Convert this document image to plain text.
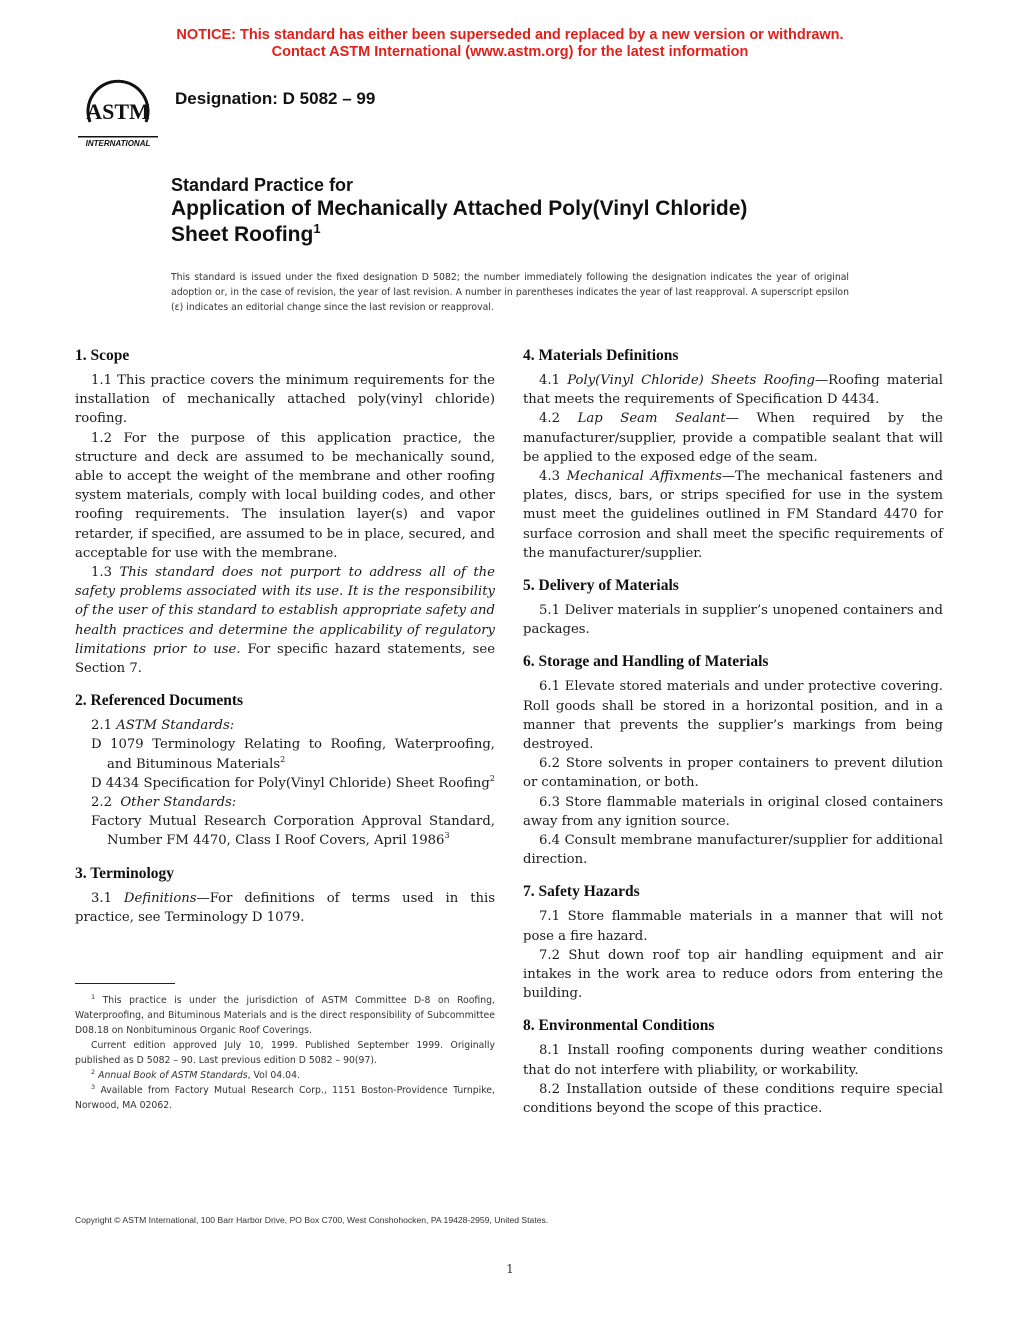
NOTICE: This standard has either been superseded and replaced by a new version or withdrawn.
Contact ASTM International (www.astm.org) for the latest information
ASTM
INTERNATIONAL
Designation: D 5082 – 99
Standard Practice for
Application of Mechanically Attached Poly(Vinyl Chloride)
Sheet Roofing$^1$
This standard is issued under the fixed designation D 5082; the number immediately following the designation indicates the year of original adoption or, in the case of revision, the year of last revision. A number in parentheses indicates the year of last reapproval. A superscript epsilon (ε) indicates an editorial change since the last revision or reapproval.
1. Scope

1.1 This practice covers the minimum requirements for the installation of mechanically attached poly(vinyl chloride) roofing.

1.2 For the purpose of this application practice, the structure and deck are assumed to be mechanically sound, able to accept the weight of the membrane and other roofing system materials, comply with local building codes, and other roofing requirements. The insulation layer(s) and vapor retarder, if specified, are assumed to be in place, secured, and acceptable for use with the membrane.

1.3 This standard does not purport to address all of the safety problems associated with its use. It is the responsibility of the user of this standard to establish appropriate safety and health practices and determine the applicability of regulatory limitations prior to use. For specific hazard statements, see Section 7.

2. Referenced Documents

2.1 ASTM Standards:

D 1079 Terminology Relating to Roofing, Waterproofing, and Bituminous Materials$^2$

D 4434 Specification for Poly(Vinyl Chloride) Sheet Roofing$^2$

2.2 Other Standards:

Factory Mutual Research Corporation Approval Standard, Number FM 4470, Class I Roof Covers, April 1986$^3$

3. Terminology

3.1 Definitions—For definitions of terms used in this practice, see Terminology D 1079.

4. Materials Definitions

4.1 Poly(Vinyl Chloride) Sheets Roofing—Roofing material that meets the requirements of Specification D 4434.

4.2 Lap Seam Sealant— When required by the manufacturer/supplier, provide a compatible sealant that will be applied to the exposed edge of the seam.

4.3 Mechanical Affixments—The mechanical fasteners and plates, discs, bars, or strips specified for use in the system must meet the guidelines outlined in FM Standard 4470 for surface corrosion and shall meet the specific requirements of the manufacturer/supplier.

5. Delivery of Materials

5.1 Deliver materials in supplier’s unopened containers and packages.

6. Storage and Handling of Materials

6.1 Elevate stored materials and under protective covering. Roll goods shall be stored in a horizontal position, and in a manner that prevents the supplier’s markings from being destroyed.

6.2 Store solvents in proper containers to prevent dilution or contamination, or both.

6.3 Store flammable materials in original closed containers away from any ignition source.

6.4 Consult membrane manufacturer/supplier for additional direction.

7. Safety Hazards

7.1 Store flammable materials in a manner that will not pose a fire hazard.

7.2 Shut down roof top air handling equipment and air intakes in the work area to reduce odors from entering the building.

8. Environmental Conditions

8.1 Install roofing components during weather conditions that do not interfere with pliability, or workability.

8.2 Installation outside of these conditions require special conditions beyond the scope of this practice.

$^1$ This practice is under the jurisdiction of ASTM Committee D-8 on Roofing, Waterproofing, and Bituminous Materials and is the direct responsibility of Subcommittee D08.18 on Nonbituminous Organic Roof Coverings.

Current edition approved July 10, 1999. Published September 1999. Originally published as D 5082 – 90. Last previous edition D 5082 – 90(97).

$^2$ Annual Book of ASTM Standards, Vol 04.04.

$^3$ Available from Factory Mutual Research Corp., 1151 Boston-Providence Turnpike, Norwood, MA 02062.

Copyright © ASTM International, 100 Barr Harbor Drive, PO Box C700, West Conshohocken, PA 19428-2959, United States.
1
